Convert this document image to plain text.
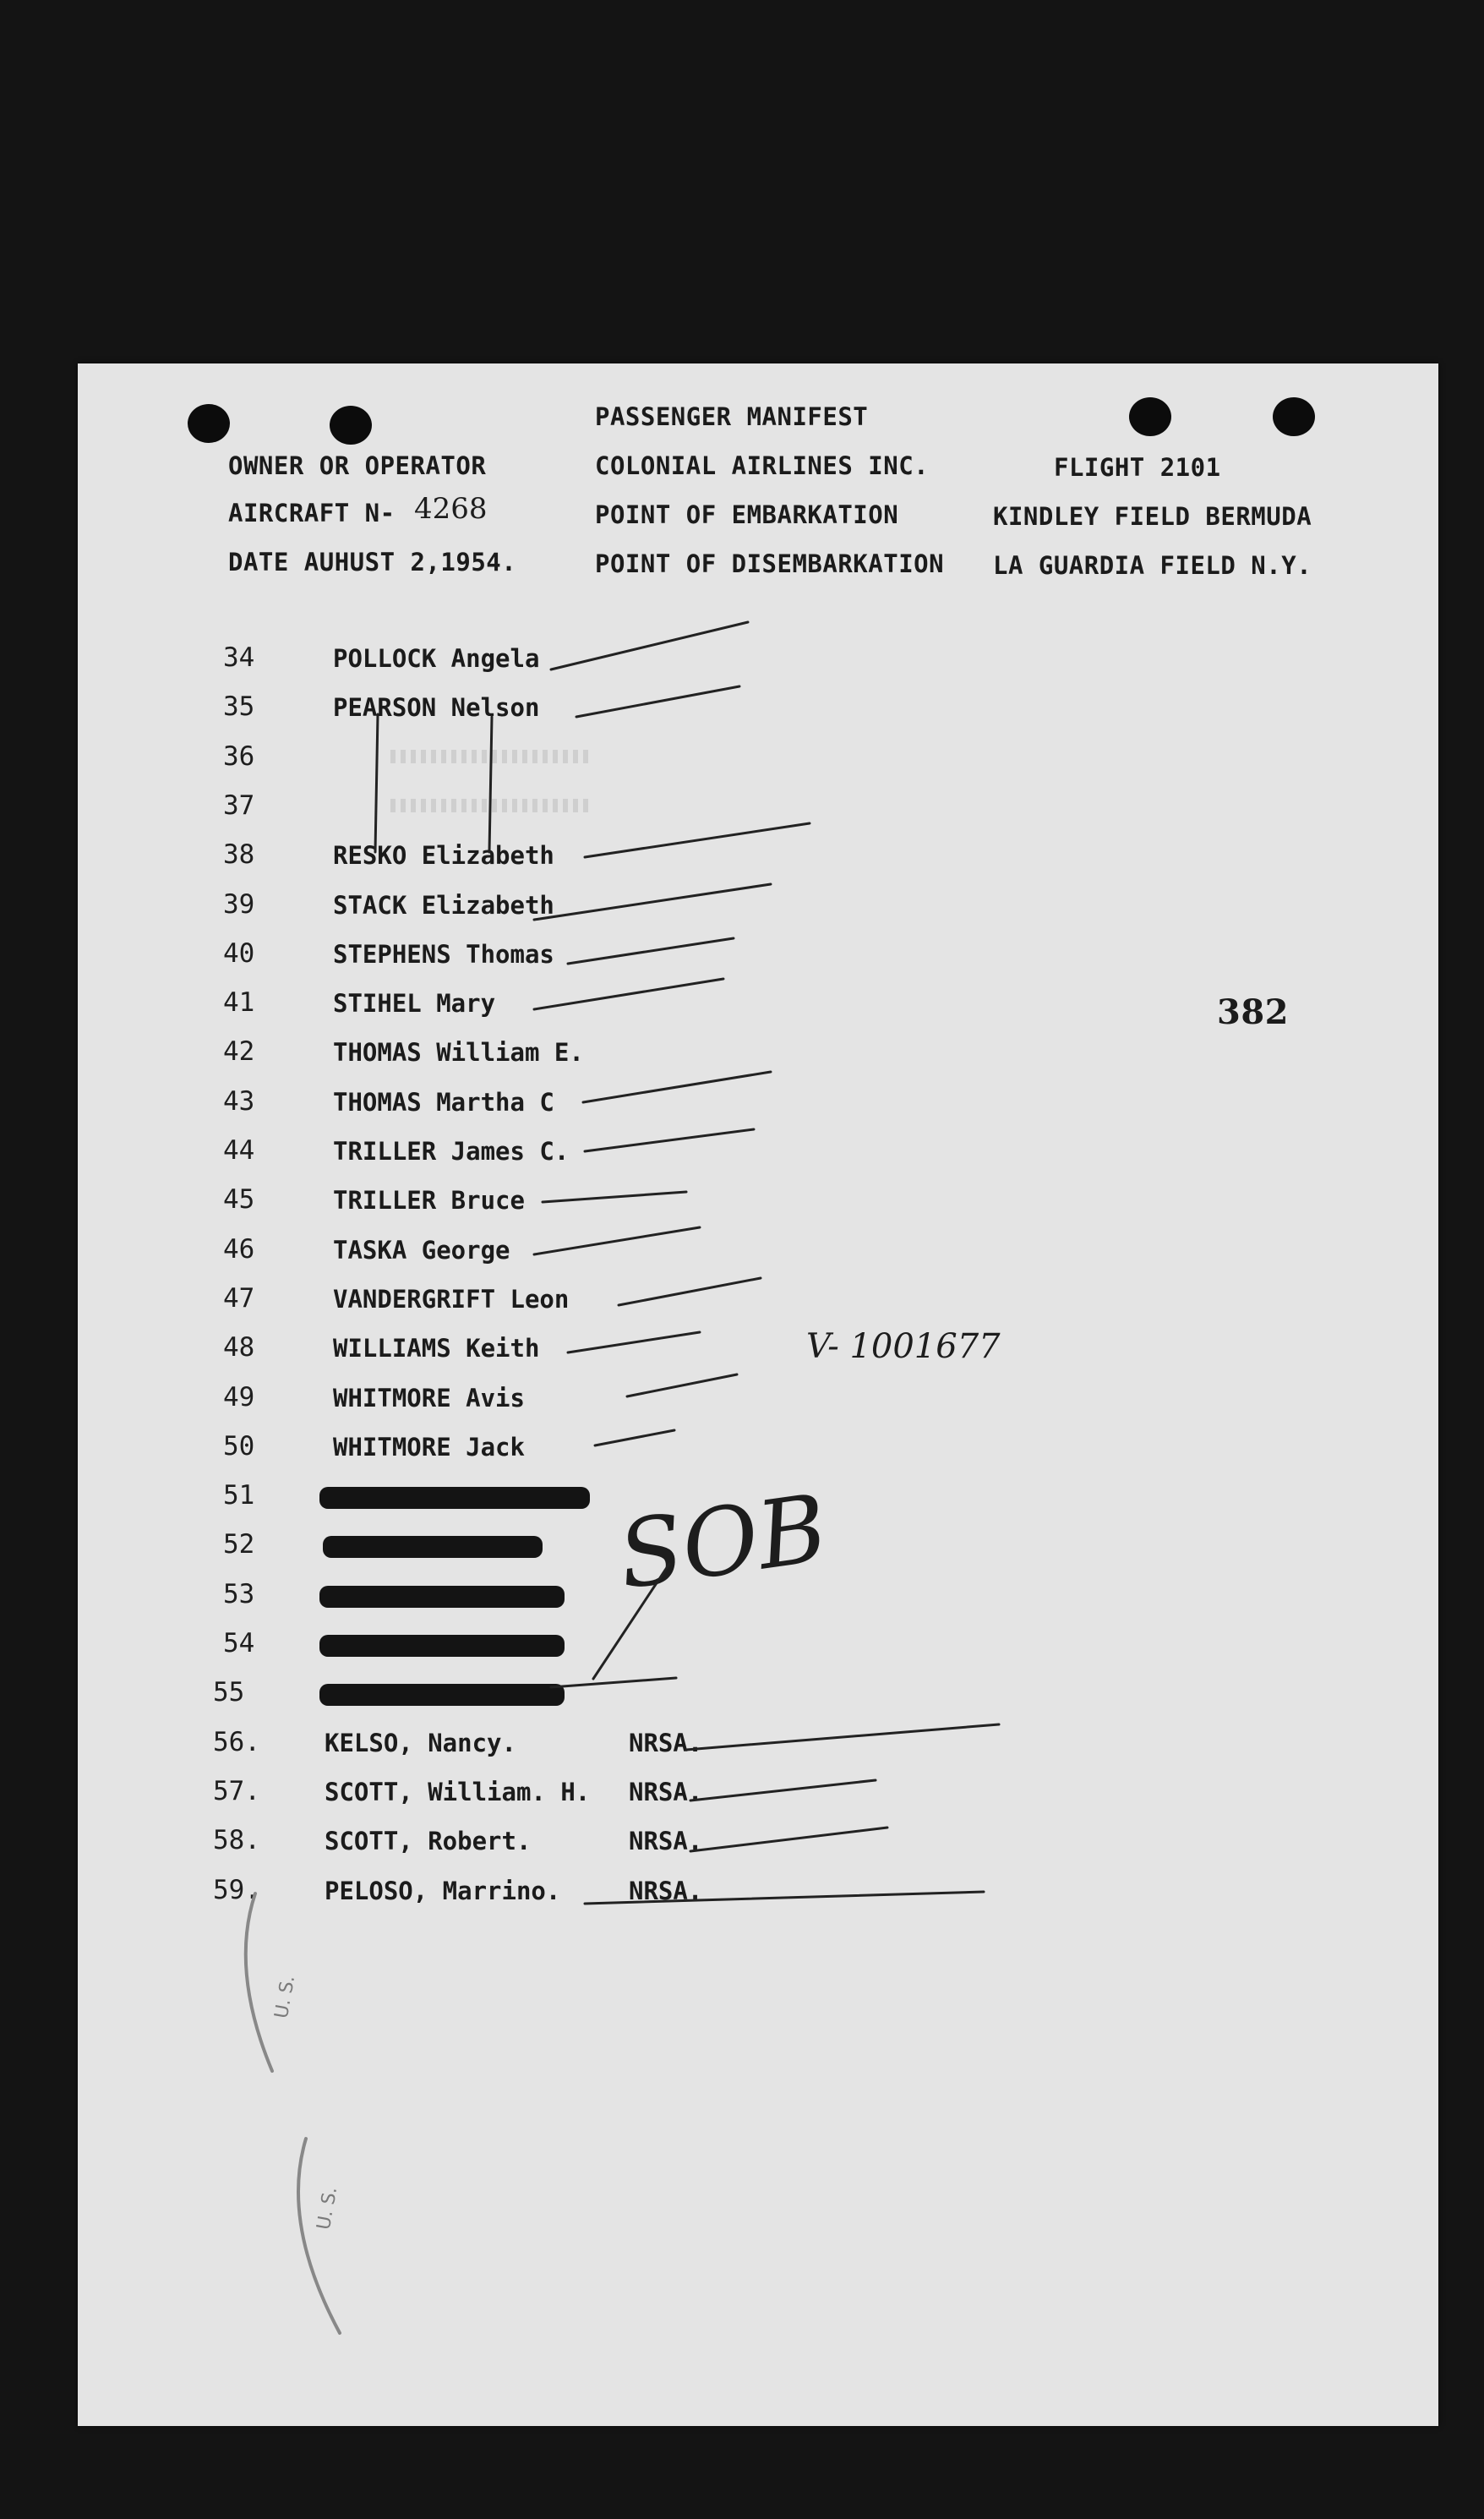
PASSENGER MANIFEST
OWNER OR OPERATOR	COLONIAL AIRLINES INC.	FLIGHT 2101
AIRCRAFT N- 4268	POINT OF EMBARKATION	KINDLEY FIELD BERMUDA
DATE AUHUST 2,1954.	POINT OF DISEMBARKATION LA GUARDIA FIELD N.Y.
382
34	POLLOCK Angela
35	PEARSON Nelson
36
37
38	RESKO Elizabeth
39	STACK Elizabeth
40	STEPHENS Thomas
41	STIHEL Mary
42	THOMAS William E.
43	THOMAS Martha C
44	TRILLER James C.
45	TRILLER Bruce
46	TASKA George
47	VANDERGRIFT Leon
48	WILLIAMS Keith
49	WHITMORE Avis
50	WHITMORE Jack
51
52
53
54
55
56.	KELSO, Nancy.	NRSA.
57.	SCOTT, William. H. NRSA.
58.	SCOTT, Robert.	NRSA.
59.	PELOSO, Marrino.	NRSA.
V- 1001677
SOB
U. S.
U. S.
